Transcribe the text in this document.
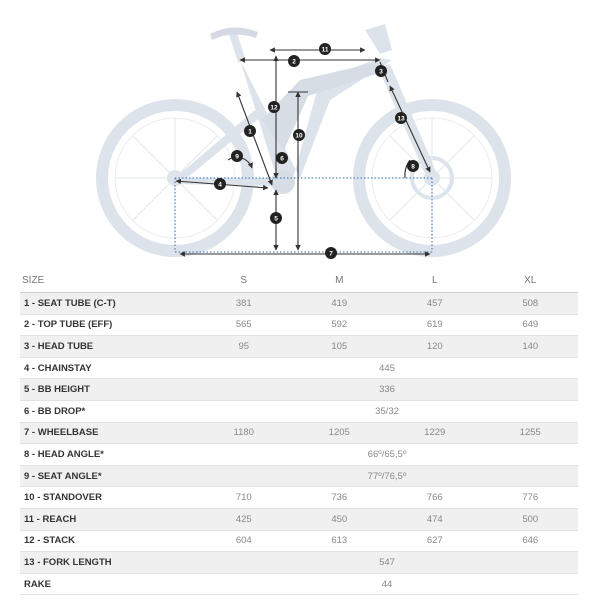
1
2
3
4
5
6
7
8
9
10
11
12
13
SIZE	S	M	L	XL
1 - SEAT TUBE (C-T)	381	419	457	508
2 - TOP TUBE (EFF)	565	592	619	649
3 - HEAD TUBE	95	105	120	140
4 - CHAINSTAY	445			
5 - BB HEIGHT	336			
6 - BB DROP*	35/32			
7 - WHEELBASE	1180	1205	1229	1255
8 - HEAD ANGLE*	66º/65,5º			
9 - SEAT ANGLE*	77º/76,5º			
10 - STANDOVER	710	736	766	776
11 - REACH	425	450	474	500
12 - STACK	604	613	627	646
13 - FORK LENGTH	547			
RAKE	44			
